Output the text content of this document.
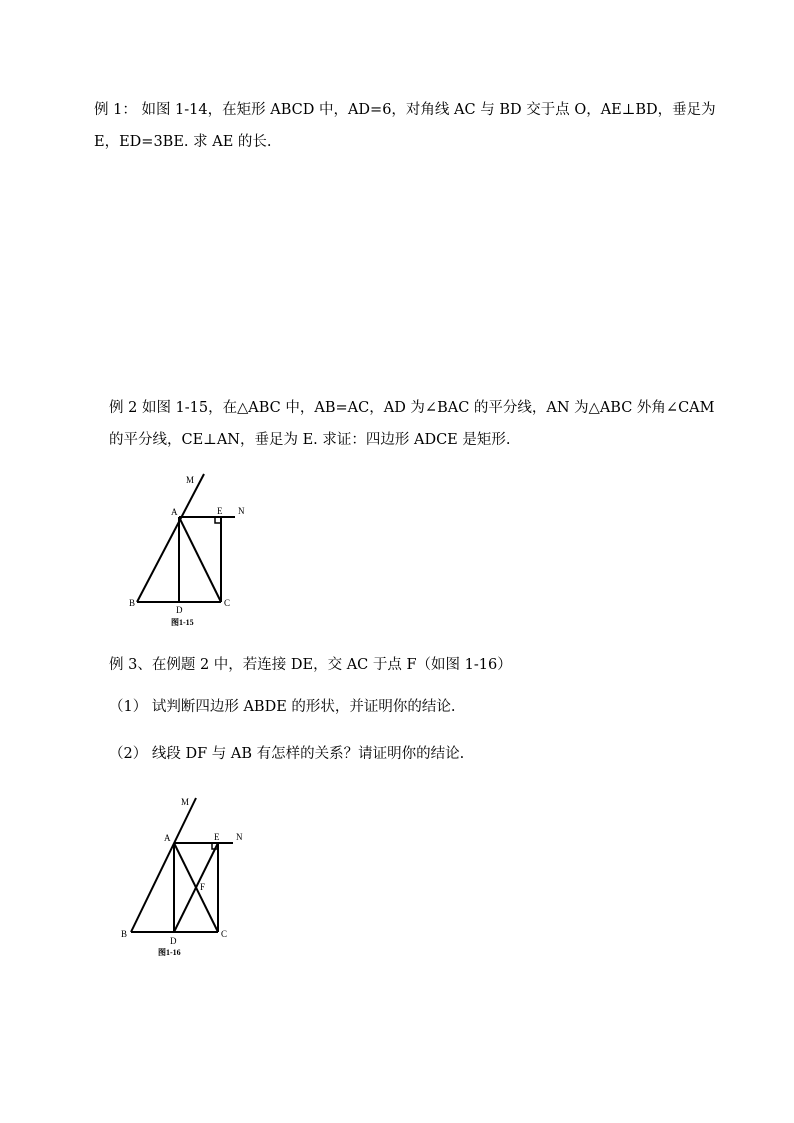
例 1： 如图 1-14，在矩形 ABCD 中，AD=6，对角线 AC 与 BD 交于点 O，AE⊥BD，垂足为
E，ED=3BE. 求 AE 的长.
例 2 如图 1-15，在△ABC 中，AB=AC，AD 为∠BAC 的平分线，AN 为△ABC 外角∠CAM
的平分线，CE⊥AN，垂足为 E. 求证：四边形 ADCE 是矩形.
M
A	E N
B
D
C
图1-15
例 3、在例题 2 中，若连接 DE，交 AC 于点 F（如图 1-16）
（1） 试判断四边形 ABDE 的形状，并证明你的结论.
（2） 线段 DF 与 AB 有怎样的关系？请证明你的结论.
M
A	E N
F
B
D
C
图1-16
